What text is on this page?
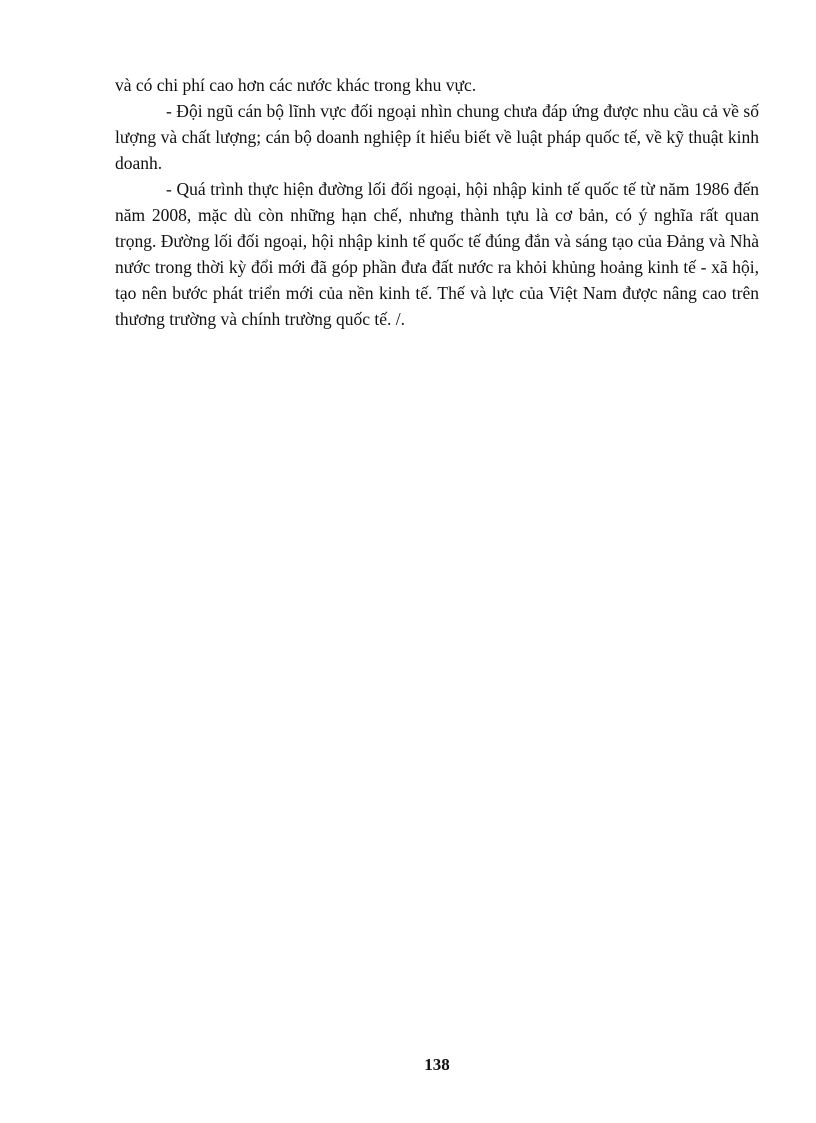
và có chi phí cao hơn các nước khác trong khu vực.

- Đội ngũ cán bộ lĩnh vực đối ngoại nhìn chung chưa đáp ứng được nhu cầu cả về số lượng và chất lượng; cán bộ doanh nghiệp ít hiểu biết về luật pháp quốc tế, về kỹ thuật kinh doanh.

- Quá trình thực hiện đường lối đối ngoại, hội nhập kinh tế quốc tế từ năm 1986 đến năm 2008, mặc dù còn những hạn chế, nhưng thành tựu là cơ bản, có ý nghĩa rất quan trọng. Đường lối đối ngoại, hội nhập kinh tế quốc tế đúng đắn và sáng tạo của Đảng và Nhà nước trong thời kỳ đổi mới đã góp phần đưa đất nước ra khỏi khủng hoảng kinh tế - xã hội, tạo nên bước phát triển mới của nền kinh tế. Thế và lực của Việt Nam được nâng cao trên thương trường và chính trường quốc tế. /.

138
